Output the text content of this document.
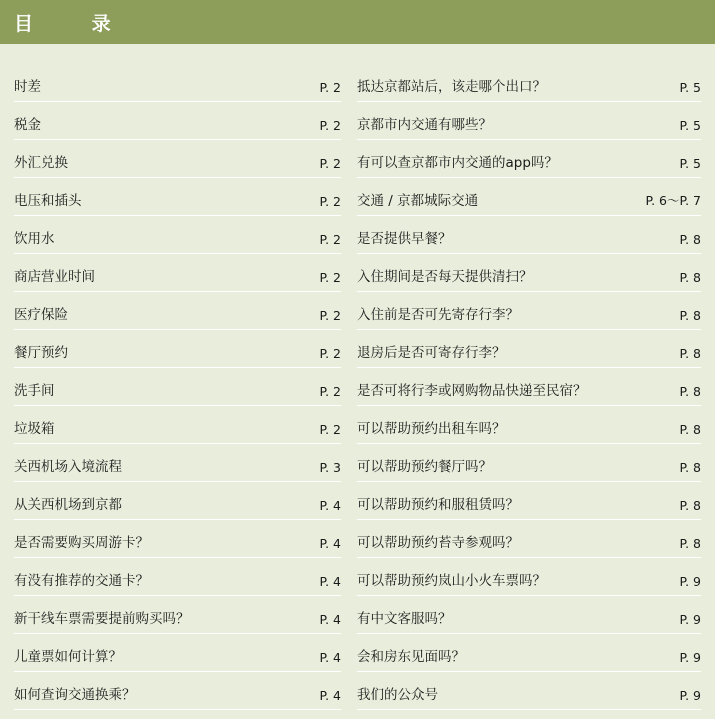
目 录
时差	P. 2
税金	P. 2
外汇兑换	P. 2
电压和插头	P. 2
饮用水	P. 2
商店营业时间	P. 2
医疗保险	P. 2
餐厅预约	P. 2
洗手间	P. 2
垃圾箱	P. 2
关西机场入境流程	P. 3
从关西机场到京都	P. 4
是否需要购买周游卡？	P. 4
有没有推荐的交通卡？	P. 4
新干线车票需要提前购买吗？	P. 4
儿童票如何计算？	P. 4
如何查询交通换乘？	P. 4
抵达京都站后，该走哪个出口？	P. 5
京都市内交通有哪些？	P. 5
有可以查京都市内交通的app吗？	P. 5
交通 / 京都城际交通	P. 6〜P. 7
是否提供早餐？	P. 8
入住期间是否每天提供清扫？	P. 8
入住前是否可先寄存行李？	P. 8
退房后是否可寄存行李？	P. 8
是否可将行李或网购物品快递至民宿？	P. 8
可以帮助预约出租车吗？	P. 8
可以帮助预约餐厅吗？	P. 8
可以帮助预约和服租赁吗？	P. 8
可以帮助预约苔寺参观吗？	P. 8
可以帮助预约岚山小火车票吗？	P. 9
有中文客服吗？	P. 9
会和房东见面吗？	P. 9
我们的公众号	P. 9
